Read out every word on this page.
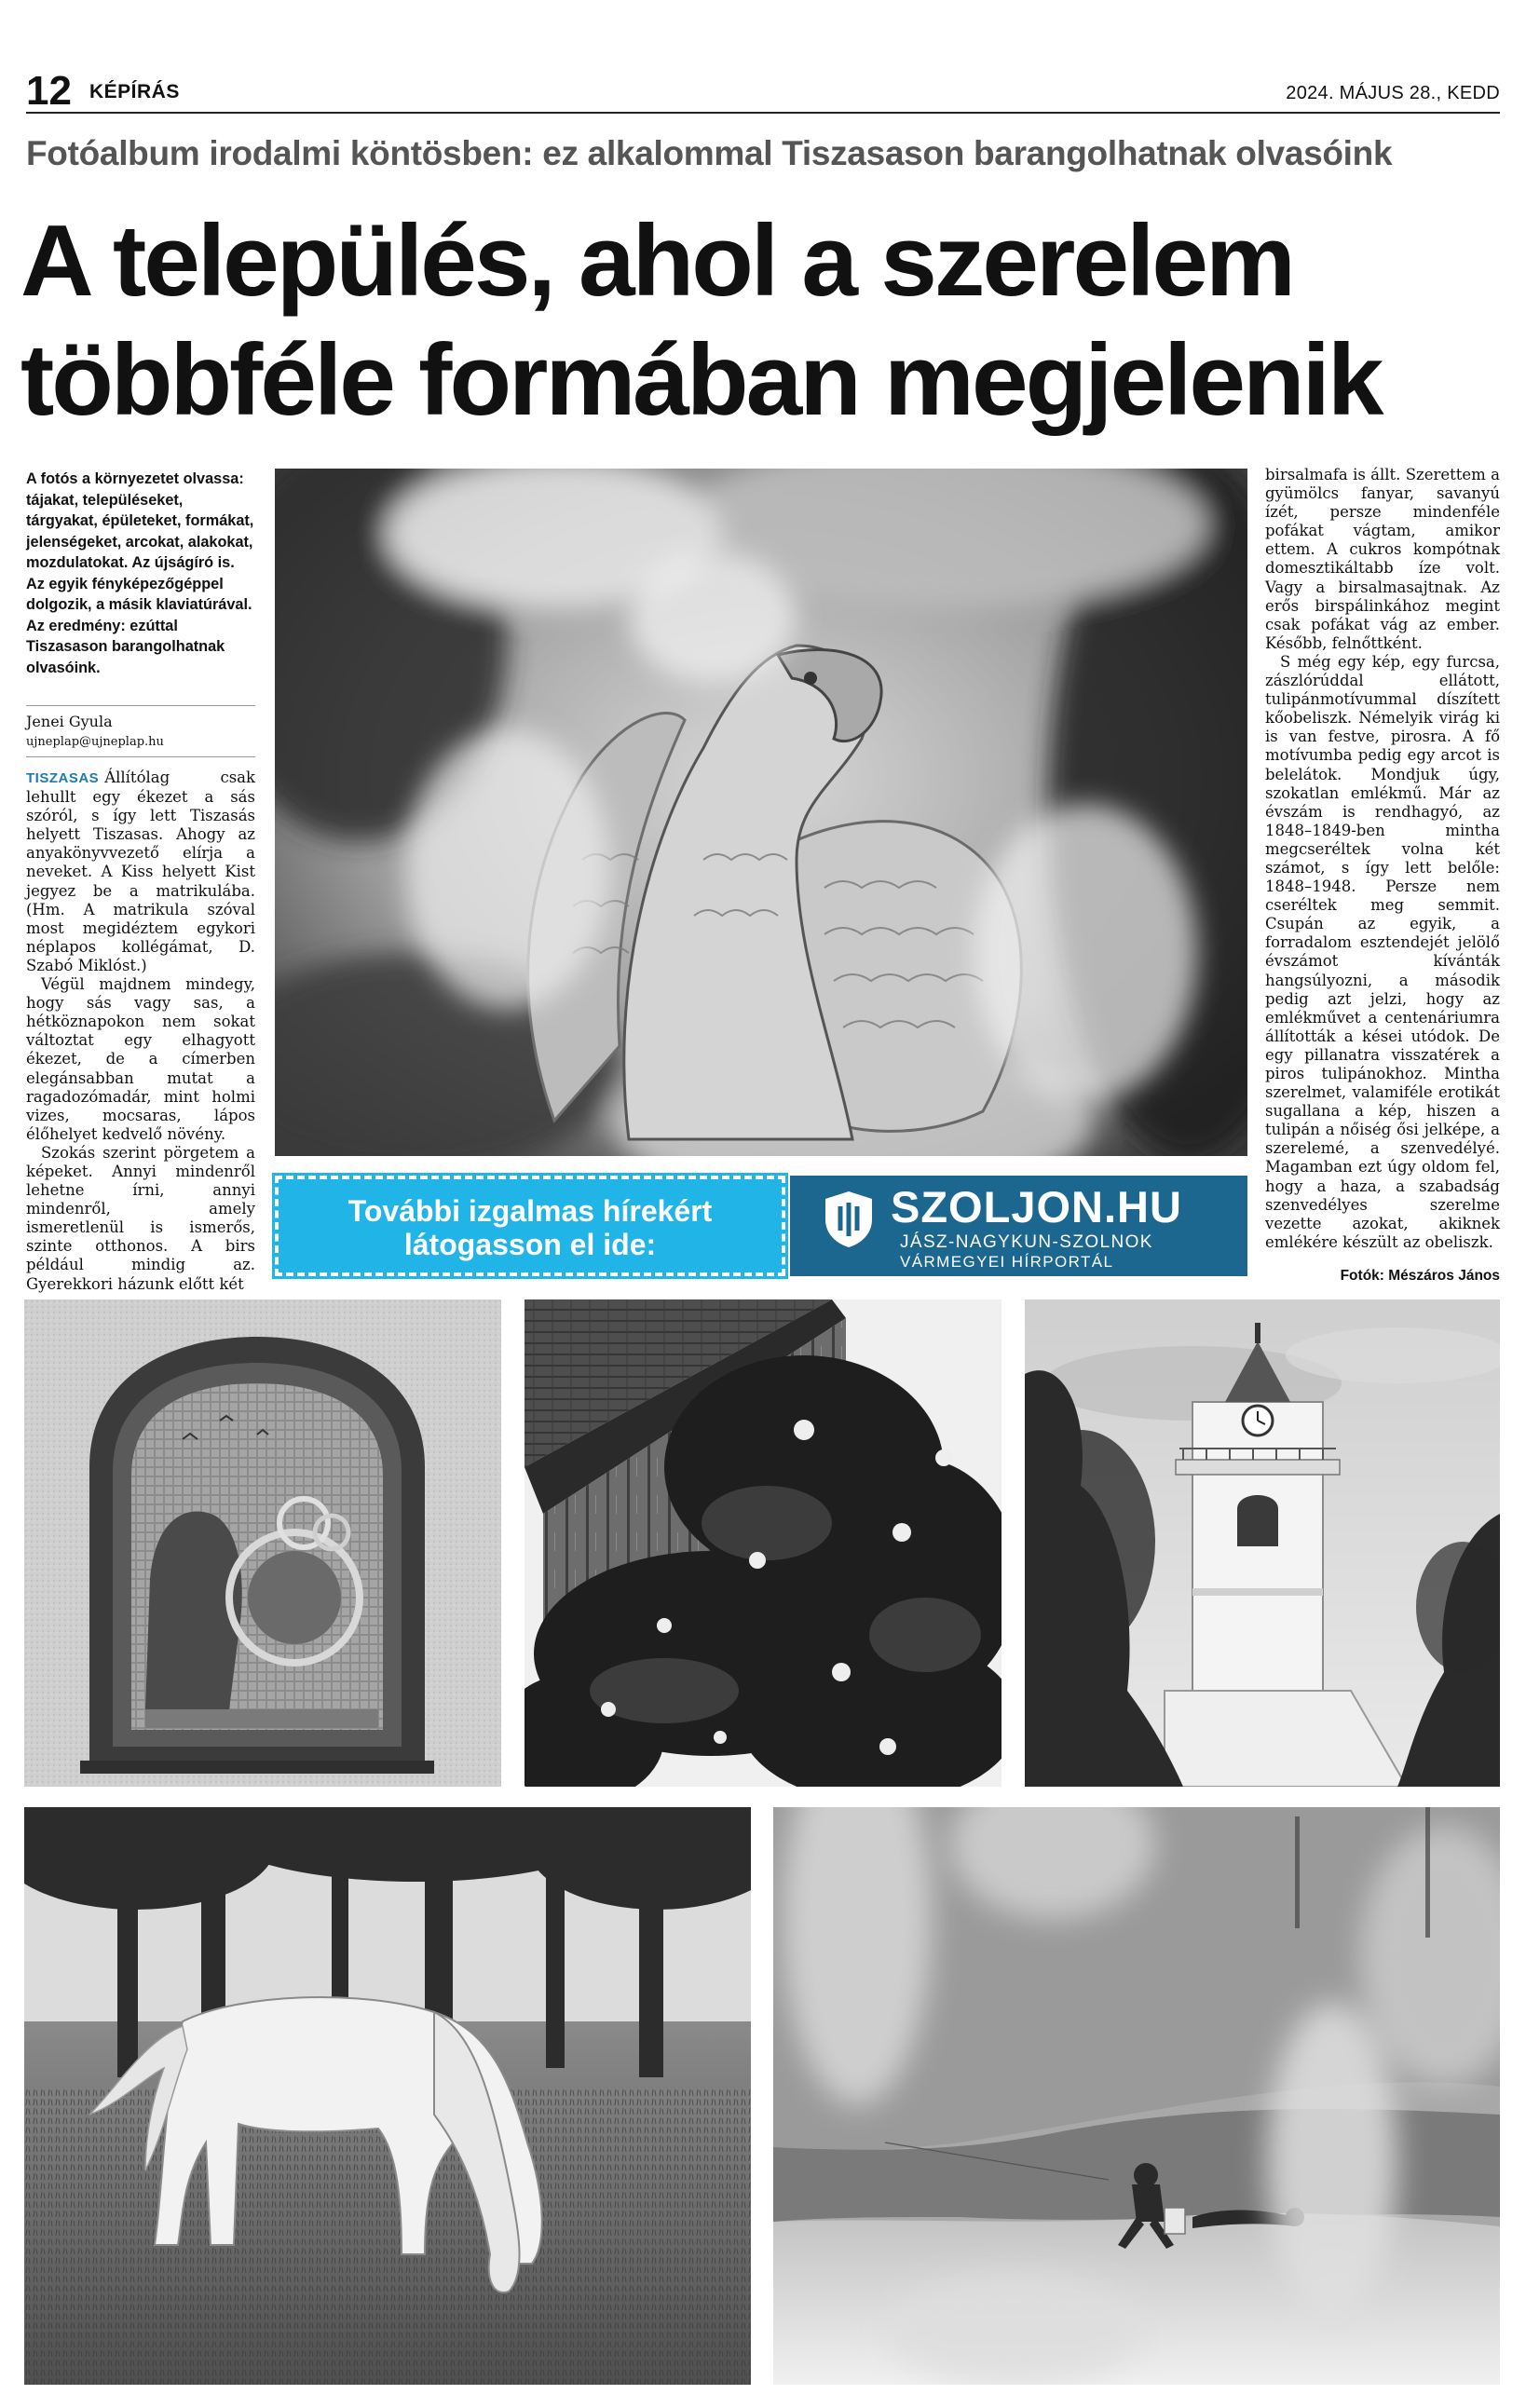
12 KÉPÍRÁS	2024. MÁJUS 28., KEDD
Fotóalbum irodalmi köntösben: ez alkalommal Tiszasason barangolhatnak olvasóink
A település, ahol a szerelem
többféle formában megjelenik
A fotós a környezetet olvassa: tájakat, településeket, tárgyakat, épületeket, formákat, jelenségeket, arcokat, alakokat, mozdulatokat. Az újságíró is. Az egyik fényképezőgéppel dolgozik, a másik klaviatúrával. Az eredmény: ezúttal Tiszasason barangolhatnak olvasóink.
Jenei Gyula
ujneplap@ujneplap.hu

TISZASAS Állítólag csak lehullt egy ékezet a sás szóról, s így lett Tiszasás helyett Tiszasas. Ahogy az anyakönyvvezető elírja a neveket. A Kiss helyett Kist jegyez be a matrikulába. (Hm. A matrikula szóval most megidéztem egykori néplapos kollégámat, D. Szabó Miklóst.)

Végül majdnem mindegy, hogy sás vagy sas, a hétköznapokon nem sokat változtat egy elhagyott ékezet, de a címerben elegánsabban mutat a ragadozómadár, mint holmi vizes, mocsaras, lápos élőhelyet kedvelő növény.

Szokás szerint pörgetem a képeket. Annyi mindenről lehetne írni, annyi mindenről, amely ismeretlenül is ismerős, szinte otthonos. A birs például mindig az. Gyerekkori házunk előtt két

birsalmafa is állt. Szerettem a gyümölcs fanyar, savanyú ízét, persze mindenféle pofákat vágtam, amikor ettem. A cukros kompótnak domesztikáltabb íze volt. Vagy a birsalmasajtnak. Az erős birspálinkához megint csak pofákat vág az ember. Később, felnőttként.

S még egy kép, egy furcsa, zászlórúddal ellátott, tulipánmotívummal díszített kőobeliszk. Némelyik virág ki is van festve, pirosra. A fő motívumba pedig egy arcot is belelátok. Mondjuk úgy, szokatlan emlékmű. Már az évszám is rendhagyó, az 1848–1849-ben mintha megcseréltek volna két számot, s így lett belőle: 1848–1948. Persze nem cseréltek meg semmit. Csupán az egyik, a forradalom esztendejét jelölő évszámot kívánták hangsúlyozni, a második pedig azt jelzi, hogy az emlékművet a centenáriumra állították a kései utódok. De egy pillanatra visszatérek a piros tulipánokhoz. Mintha szerelmet, valamiféle erotikát sugallana a kép, hiszen a tulipán a nőiség ősi jelképe, a szerelemé, a szenvedélyé. Magamban ezt úgy oldom fel, hogy a haza, a szabadság szenvedélyes szerelme vezette azokat, akiknek emlékére készült az obeliszk.

Fotók: Mészáros János
További izgalmas hírekért
látogasson el ide:
SZOLJON.HU
JÁSZ-NAGYKUN-SZOLNOK
VÁRMEGYEI HÍRPORTÁL
